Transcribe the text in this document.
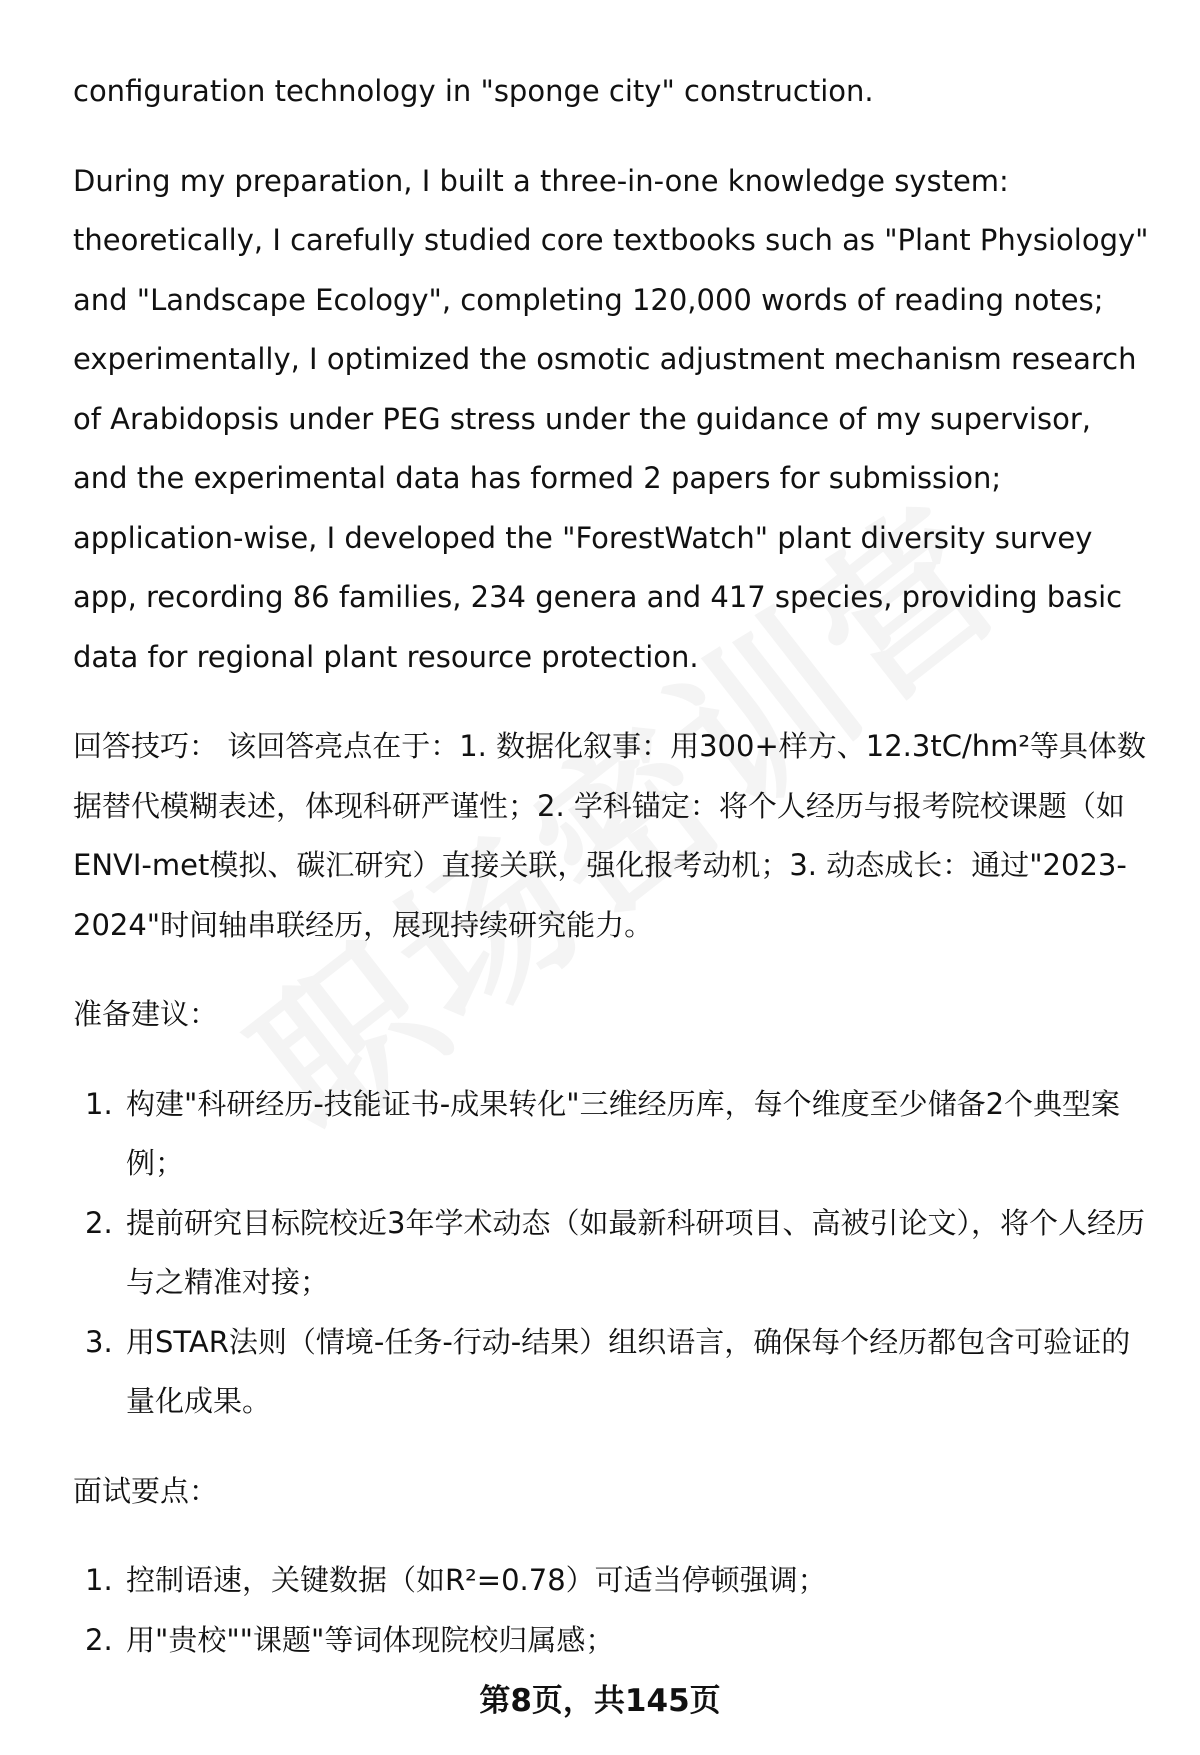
configuration technology in "sponge city" construction.

During my preparation, I built a three-in-one knowledge system: theoretically, I carefully studied core textbooks such as "Plant Physiology" and "Landscape Ecology", completing 120,000 words of reading notes; experimentally, I optimized the osmotic adjustment mechanism research of Arabidopsis under PEG stress under the guidance of my supervisor, and the experimental data has formed 2 papers for submission; application-wise, I developed the "ForestWatch" plant diversity survey app, recording 86 families, 234 genera and 417 species, providing basic data for regional plant resource protection.

回答技巧： 该回答亮点在于：1. 数据化叙事：用300+样方、12.3tC/hm²等具体数据替代模糊表述，体现科研严谨性；2. 学科锚定：将个人经历与报考院校课题（如ENVI-met模拟、碳汇研究）直接关联，强化报考动机；3. 动态成长：通过"2023-2024"时间轴串联经历，展现持续研究能力。

准备建议：

1. 构建"科研经历-技能证书-成果转化"三维经历库，每个维度至少储备2个典型案例；
2. 提前研究目标院校近3年学术动态（如最新科研项目、高被引论文），将个人经历与之精准对接；
3. 用STAR法则（情境-任务-行动-结果）组织语言，确保每个经历都包含可验证的量化成果。

面试要点：

1. 控制语速，关键数据（如R²=0.78）可适当停顿强调；
2. 用"贵校""课题"等词体现院校归属感；
第8页，共145页
